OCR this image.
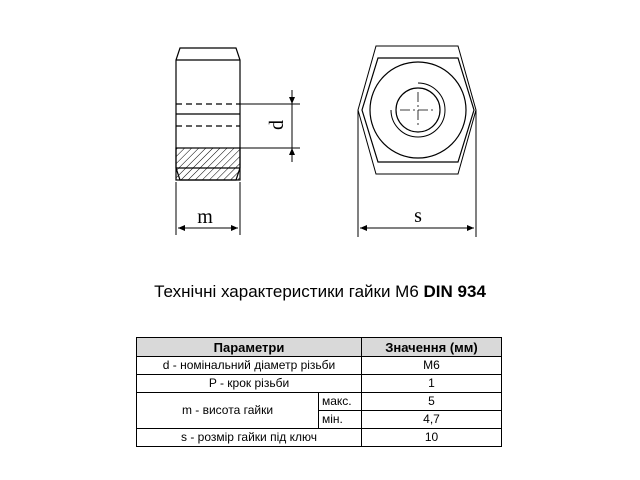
d
m	s
Технічні характеристики гайки М6 DIN 934
Параметри		Значення (мм)
d - номінальний діаметр різьби		М6
P - крок різьби		1
m - висота гайки	макс.	5
	мін.	4,7
s - розмір гайки під ключ		10
